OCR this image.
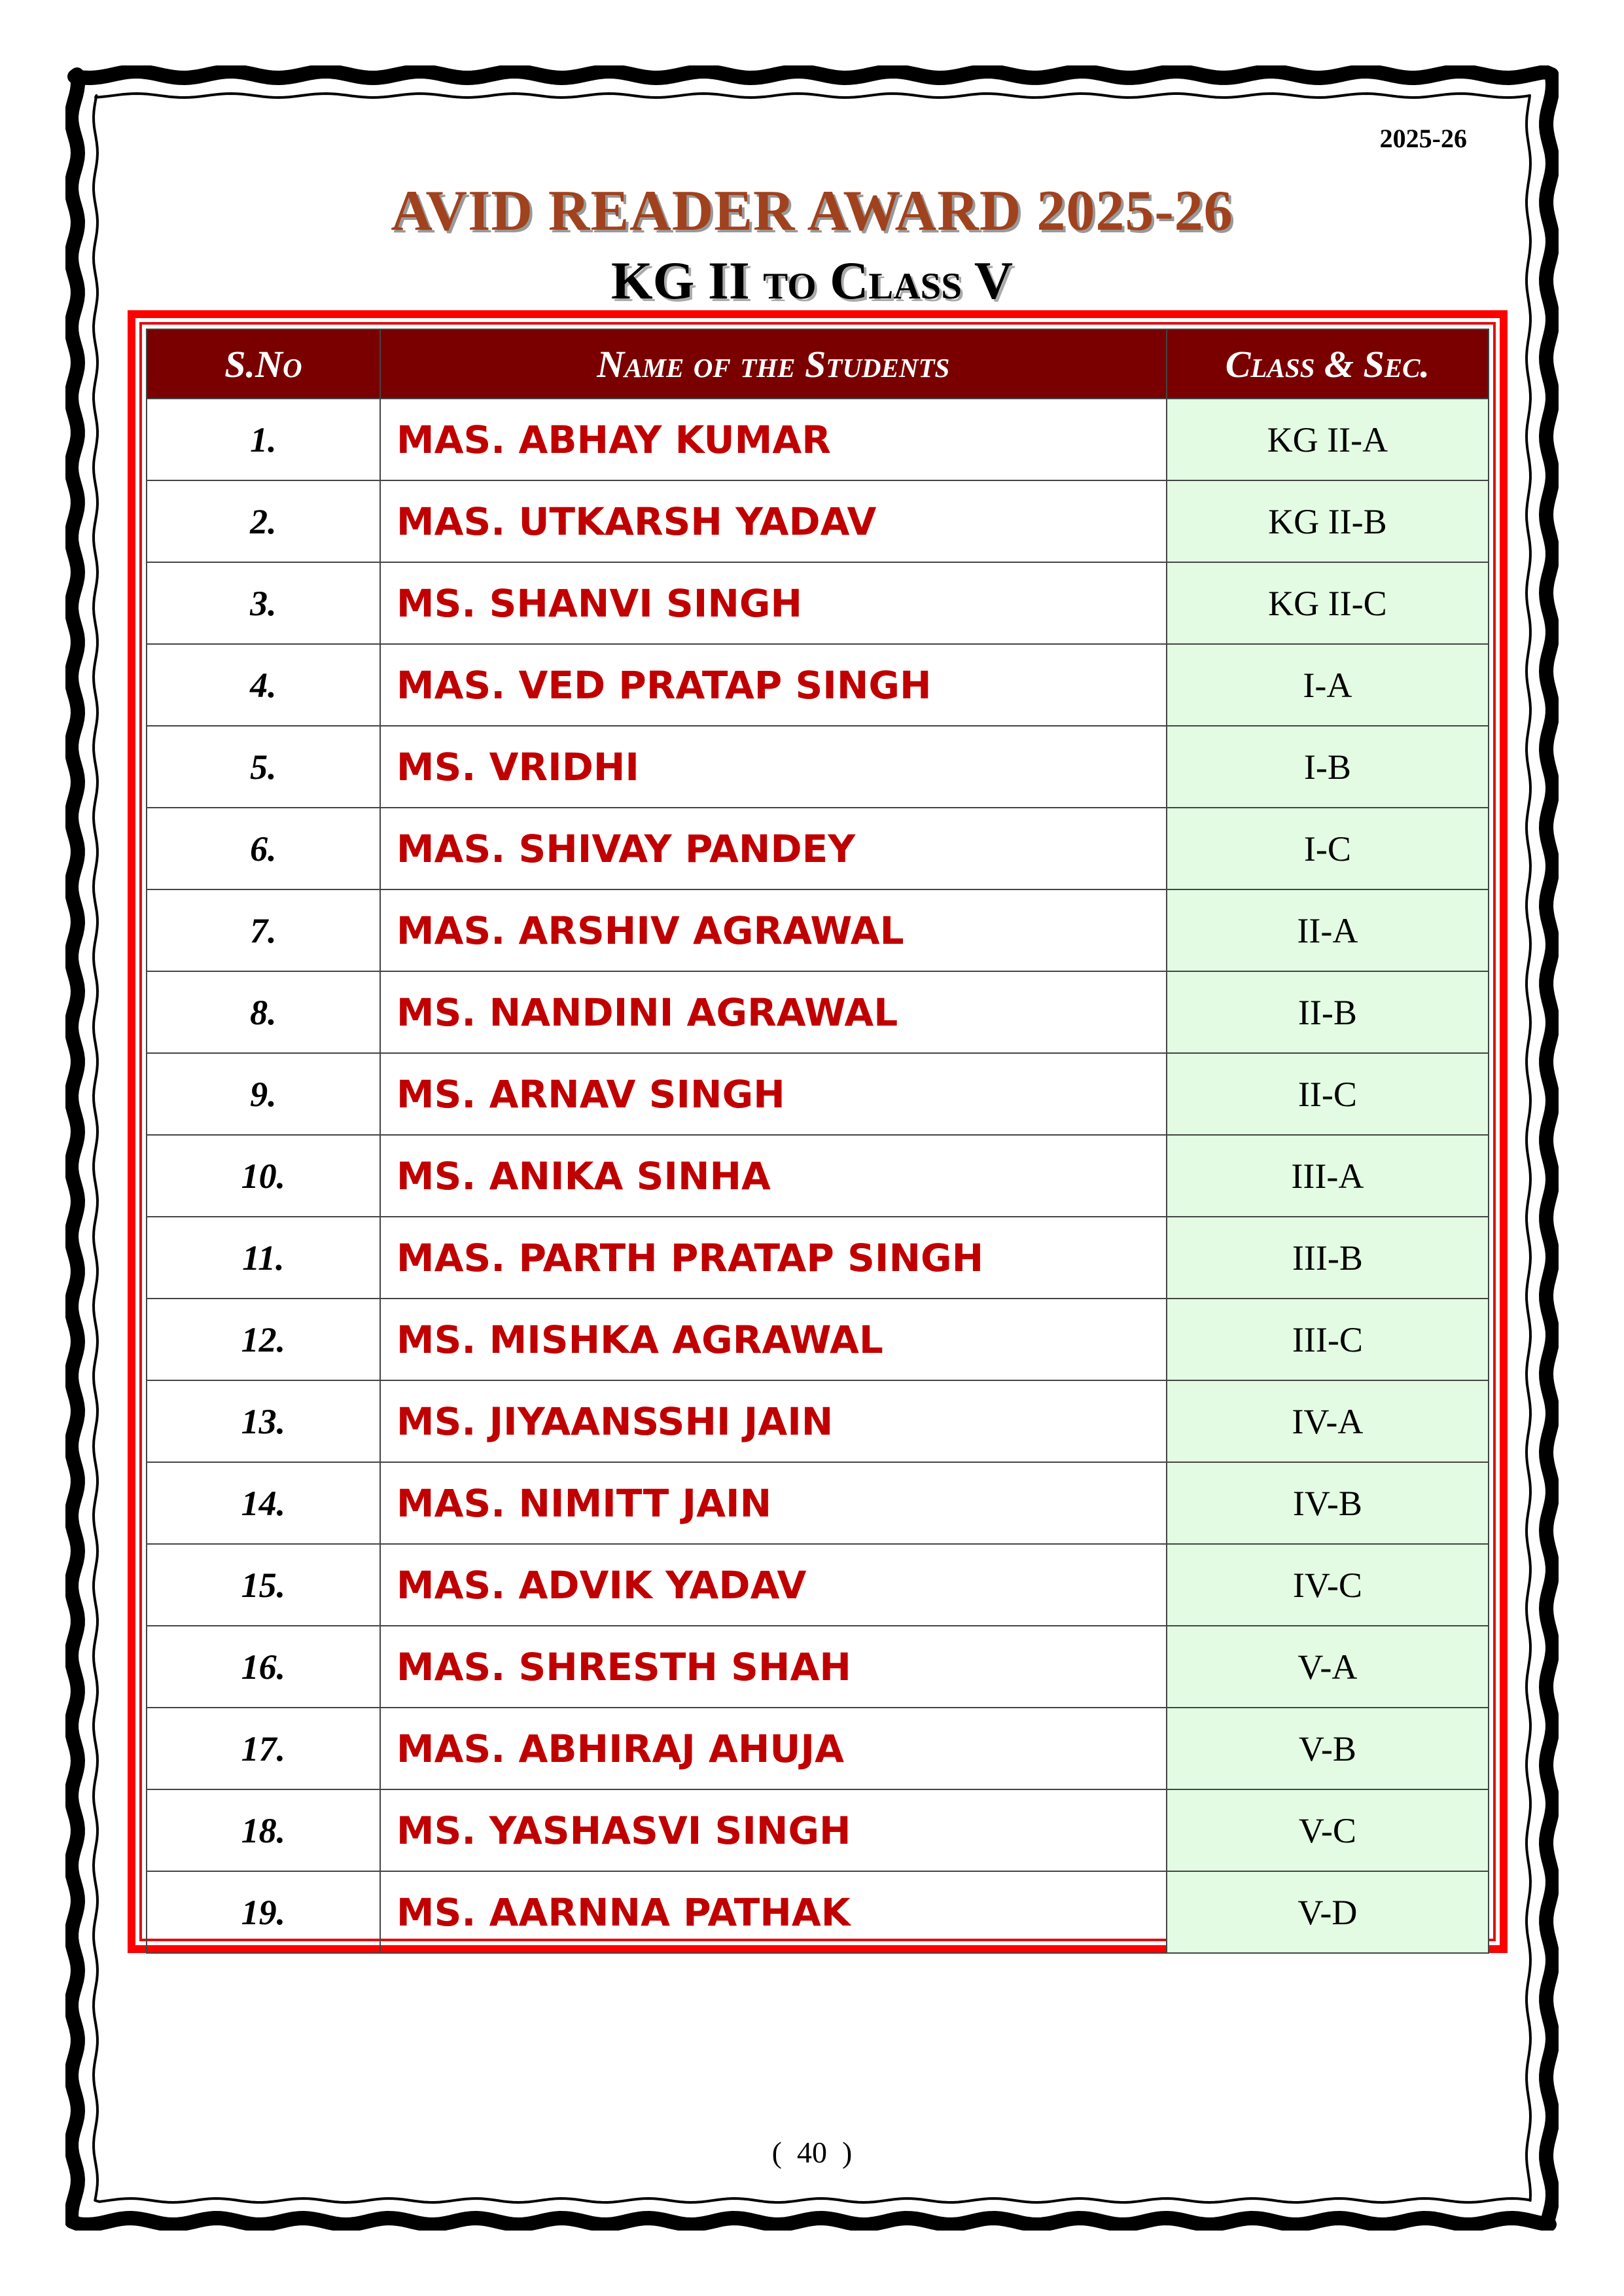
2025-26
AVID READER AWARD 2025-26
KG II to Class V
S.No	Name of the Students	Class & Sec.
1.	MAS. ABHAY KUMAR	KG II-A
2.	MAS. UTKARSH YADAV	KG II-B
3.	MS. SHANVI SINGH	KG II-C
4.	MAS. VED PRATAP SINGH	I-A
5.	MS. VRIDHI	I-B
6.	MAS. SHIVAY PANDEY	I-C
7.	MAS. ARSHIV AGRAWAL	II-A
8.	MS. NANDINI AGRAWAL	II-B
9.	MS. ARNAV SINGH	II-C
10.	MS. ANIKA SINHA	III-A
11.	MAS. PARTH PRATAP SINGH	III-B
12.	MS. MISHKA AGRAWAL	III-C
13.	MS. JIYAANSSHI JAIN	IV-A
14.	MAS. NIMITT JAIN	IV-B
15.	MAS. ADVIK YADAV	IV-C
16.	MAS. SHRESTH SHAH	V-A
17.	MAS. ABHIRAJ AHUJA	V-B
18.	MS. YASHASVI SINGH	V-C
19.	MS. AARNNA PATHAK	V-D
(  40  )
